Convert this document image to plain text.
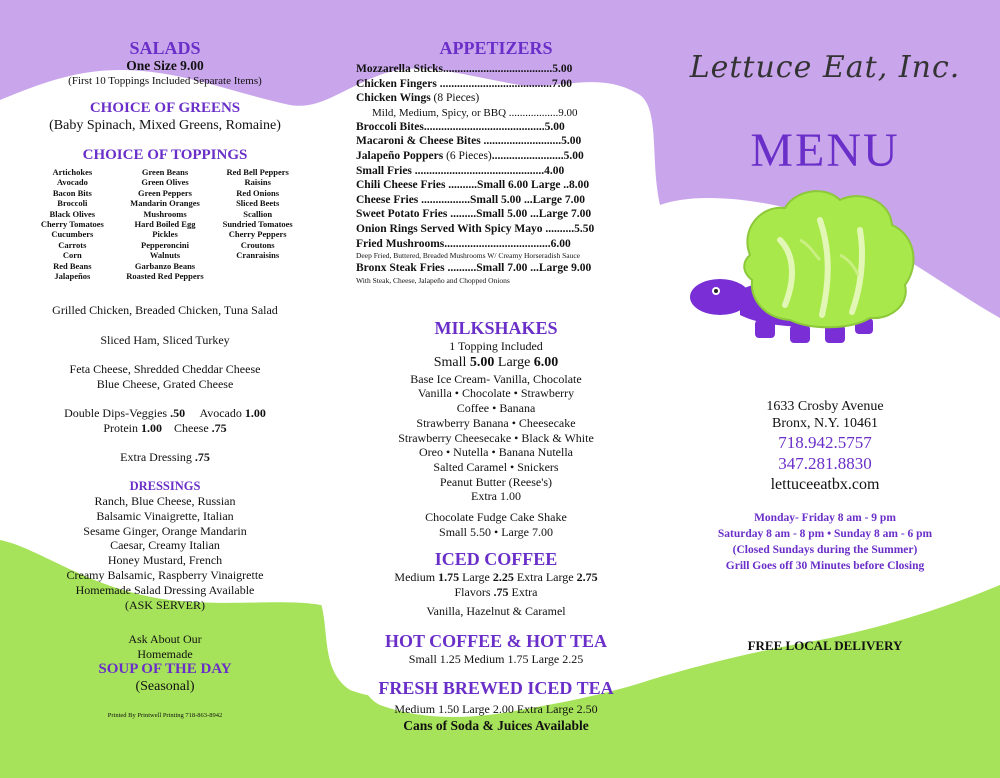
SALADS
One Size 9.00
(First 10 Toppings Included Separate Items)
CHOICE OF GREENS
(Baby Spinach, Mixed Greens, Romaine)
CHOICE OF TOPPINGS
Artichokes
Avocado
Bacon Bits
Broccoli
Black Olives
Cherry Tomatoes
Cucumbers
Carrots
Corn
Red Beans
Jalapeños
Green Beans
Green Olives
Green Peppers
Mandarin Oranges
Mushrooms
Hard Boiled Egg
Pickles
Pepperoncini
Walnuts
Garbanzo Beans
Roasted Red Peppers
Red Bell Peppers
Raisins
Red Onions
Sliced Beets
Scallion
Sundried Tomatoes
Cherry Peppers
Croutons
Cranraisins
Grilled Chicken, Breaded Chicken, Tuna Salad
Sliced Ham, Sliced Turkey
Feta Cheese, Shredded Cheddar Cheese
Blue Cheese, Grated Cheese
Double Dips-Veggies .50 Avocado 1.00
Protein 1.00 Cheese .75
Extra Dressing .75
DRESSINGS
Ranch, Blue Cheese, Russian
Balsamic Vinaigrette, Italian
Sesame Ginger, Orange Mandarin
Caesar, Creamy Italian
Honey Mustard, French
Creamy Balsamic, Raspberry Vinaigrette
Homemade Salad Dressing Available
(ASK SERVER)
Ask About Our
Homemade
SOUP OF THE DAY
(Seasonal)
Printed By Printwell Printing 718-863-8942
APPETIZERS
Mozzarella Sticks......................................5.00
Chicken Fingers .......................................7.00
Chicken Wings (8 Pieces)
Mild, Medium, Spicy, or BBQ ..................9.00
Broccoli Bites..........................................5.00
Macaroni & Cheese Bites ...........................5.00
Jalapeño Poppers (6 Pieces).........................5.00
Small Fries .............................................4.00
Chili Cheese Fries ..........Small 6.00 Large ..8.00
Cheese Fries .................Small 5.00 ...Large 7.00
Sweet Potato Fries .........Small 5.00 ...Large 7.00
Onion Rings Served With Spicy Mayo ..........5.50
Fried Mushrooms.....................................6.00
Deep Fried, Buttered, Breaded Mushrooms W/ Creamy Horseradish Sauce
Bronx Steak Fries ..........Small 7.00 ...Large 9.00
With Steak, Cheese, Jalapeño and Chopped Onions
MILKSHAKES
1 Topping Included
Small 5.00 Large 6.00
Base Ice Cream- Vanilla, Chocolate
Vanilla • Chocolate • Strawberry
Coffee • Banana
Strawberry Banana • Cheesecake
Strawberry Cheesecake • Black & White
Oreo • Nutella • Banana Nutella
Salted Caramel • Snickers
Peanut Butter (Reese's)
Extra 1.00
Chocolate Fudge Cake Shake
Small 5.50 • Large 7.00
ICED COFFEE
Medium 1.75 Large 2.25 Extra Large 2.75
Flavors .75 Extra
Vanilla, Hazelnut & Caramel
HOT COFFEE & HOT TEA
Small 1.25 Medium 1.75 Large 2.25
FRESH BREWED ICED TEA
Medium 1.50 Large 2.00 Extra Large 2.50
Cans of Soda & Juices Available
Lettuce Eat, Inc.
MENU
1633 Crosby Avenue
Bronx, N.Y. 10461
718.942.5757
347.281.8830
lettuceeatbx.com
Monday- Friday 8 am - 9 pm
Saturday 8 am - 8 pm • Sunday 8 am - 6 pm
(Closed Sundays during the Summer)
Grill Goes off 30 Minutes before Closing
FREE LOCAL DELIVERY
